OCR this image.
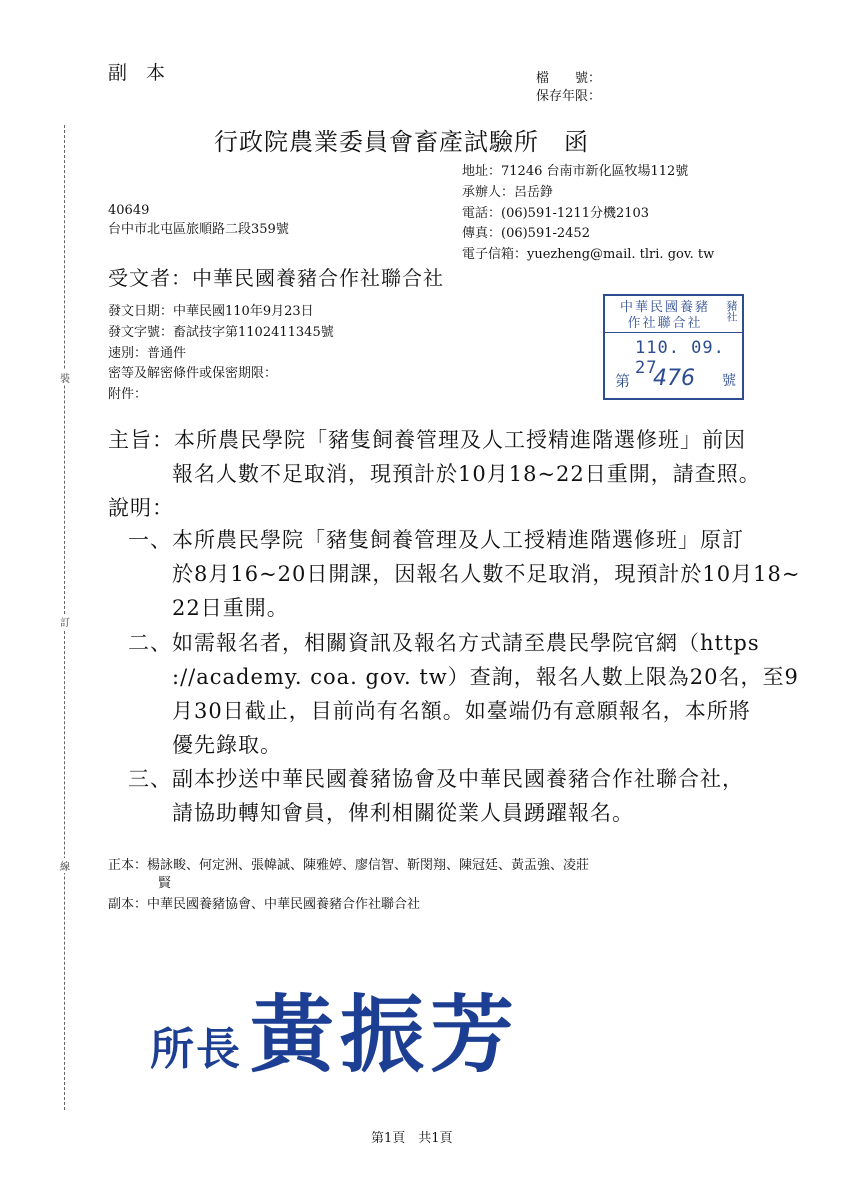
裝
訂
線
副　本	檔　　號：
保存年限：
行政院農業委員會畜產試驗所　函
地址：71246 台南市新化區牧場112號
承辦人：呂岳錚
電話：(06)591-1211分機2103
傳真：(06)591-2452
電子信箱：yuezheng@mail. tlri. gov. tw
40649
台中市北屯區旅順路二段359號
受文者：中華民國養豬合作社聯合社
發文日期：中華民國110年9月23日
發文字號：畜試技字第1102411345號
速別：普通件
密等及解密條件或保密期限：
附件：
中華民國養豬作社聯合社
豬社
110. 09. 27
第 476 號
主旨：本所農民學院「豬隻飼養管理及人工授精進階選修班」前因
報名人數不足取消，現預計於10月18~22日重開，請查照。
說明：
一、本所農民學院「豬隻飼養管理及人工授精進階選修班」原訂
於8月16~20日開課，因報名人數不足取消，現預計於10月18~
22日重開。
二、如需報名者，相關資訊及報名方式請至農民學院官網（https
://academy. coa. gov. tw）查詢，報名人數上限為20名，至9
月30日截止，目前尚有名額。如臺端仍有意願報名，本所將
優先錄取。
三、副本抄送中華民國養豬協會及中華民國養豬合作社聯合社，
請協助轉知會員，俾利相關從業人員踴躍報名。
正本：楊詠畯、何定洲、張幃誠、陳雅婷、廖信智、靳閔翔、陳冠廷、黃盂強、凌莊
賢
副本：中華民國養豬協會、中華民國養豬合作社聯合社
所長黃振芳
第1頁　共1頁
